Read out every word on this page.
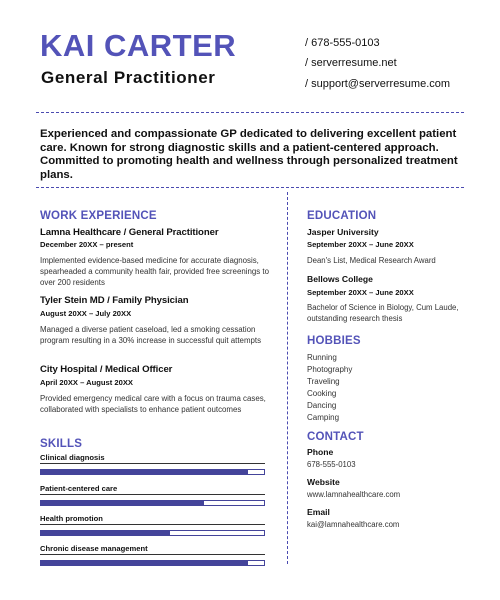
KAI CARTER
General Practitioner
/ 678-555-0103
/ serverresume.net
/ support@serverresume.com
Experienced and compassionate GP dedicated to delivering excellent patient care. Known for strong diagnostic skills and a patient-centered approach. Committed to promoting health and wellness through personalized treatment plans.
WORK EXPERIENCE
Lamna Healthcare / General Practitioner
December 20XX – present
Implemented evidence-based medicine for accurate diagnosis, spearheaded a community health fair, provided free screenings to over 200 residents
Tyler Stein MD / Family Physician
August 20XX – July 20XX
Managed a diverse patient caseload, led a smoking cessation program resulting in a 30% increase in successful quit attempts
City Hospital / Medical Officer
April 20XX – August 20XX
Provided emergency medical care with a focus on trauma cases, collaborated with specialists to enhance patient outcomes
SKILLS
Clinical diagnosis
Patient-centered care
Health promotion
Chronic disease management
EDUCATION
Jasper University
September 20XX – June 20XX
Dean's List, Medical Research Award
Bellows College
September 20XX – June 20XX
Bachelor of Science in Biology, Cum Laude, outstanding research thesis
HOBBIES
Running
Photography
Traveling
Cooking
Dancing
Camping
CONTACT
Phone
678-555-0103
Website
www.lamnahealthcare.com
Email
kai@lamnahealthcare.com
